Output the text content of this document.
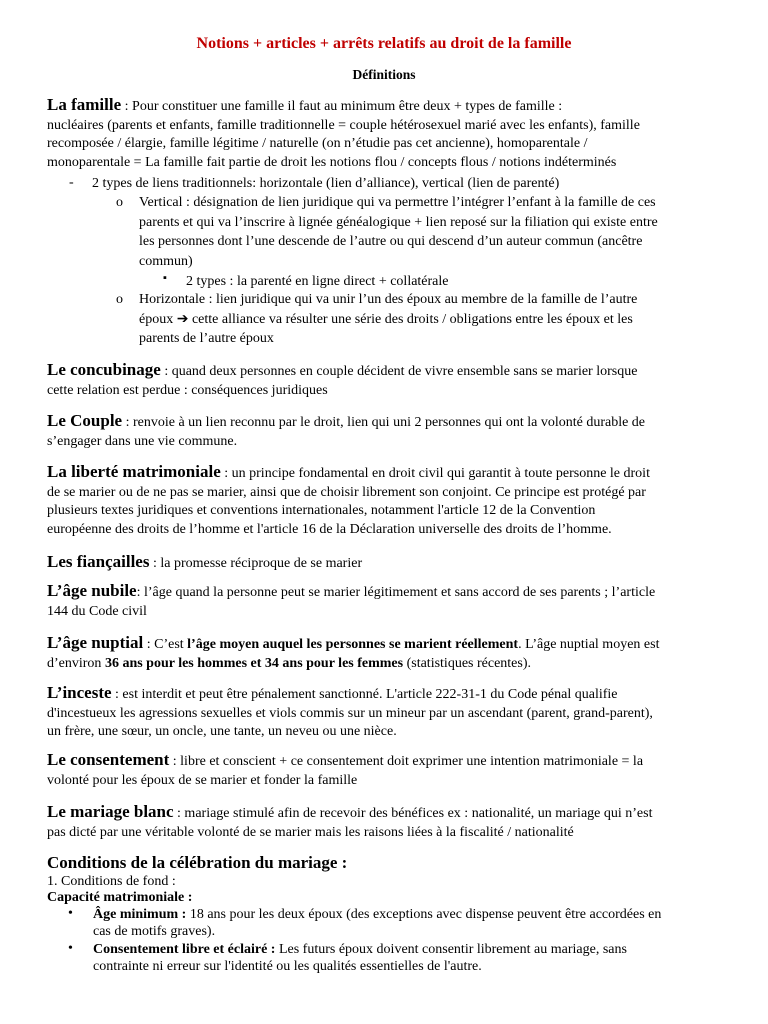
Notions + articles + arrêts relatifs au droit de la famille
Définitions
La famille : Pour constituer une famille il faut au minimum être deux + types de famille :
nucléaires (parents et enfants, famille traditionnelle = couple hétérosexuel marié avec les enfants), famille
recomposée / élargie, famille légitime / naturelle (on n’étudie pas cet ancienne), homoparentale /
monoparentale = La famille fait partie de droit les notions flou / concepts flous / notions indéterminés
- 2 types de liens traditionnels: horizontale (lien d’alliance), vertical (lien de parenté)
o Vertical : désignation de lien juridique qui va permettre l’intégrer l’enfant à la famille de ces
parents et qui va l’inscrire à lignée généalogique + lien reposé sur la filiation qui existe entre
les personnes dont l’une descende de l’autre ou qui descend d’un auteur commun (ancêtre
commun)
▪ 2 types : la parenté en ligne direct + collatérale
o Horizontale : lien juridique qui va unir l’un des époux au membre de la famille de l’autre
époux ➔ cette alliance va résulter une série des droits / obligations entre les époux et les
parents de l’autre époux
Le concubinage : quand deux personnes en couple décident de vivre ensemble sans se marier lorsque
cette relation est perdue : conséquences juridiques
Le Couple : renvoie à un lien reconnu par le droit, lien qui uni 2 personnes qui ont la volonté durable de
s’engager dans une vie commune.
La liberté matrimoniale : un principe fondamental en droit civil qui garantit à toute personne le droit
de se marier ou de ne pas se marier, ainsi que de choisir librement son conjoint. Ce principe est protégé par
plusieurs textes juridiques et conventions internationales, notamment l'article 12 de la Convention
européenne des droits de l’homme et l'article 16 de la Déclaration universelle des droits de l’homme.
Les fiançailles : la promesse réciproque de se marier
L’âge nubile: l’âge quand la personne peut se marier légitimement et sans accord de ses parents ; l’article
144 du Code civil
L’âge nuptial : C’est l’âge moyen auquel les personnes se marient réellement. L’âge nuptial moyen est
d’environ 36 ans pour les hommes et 34 ans pour les femmes (statistiques récentes).
L’inceste : est interdit et peut être pénalement sanctionné. L'article 222-31-1 du Code pénal qualifie
d'incestueux les agressions sexuelles et viols commis sur un mineur par un ascendant (parent, grand-parent),
un frère, une sœur, un oncle, une tante, un neveu ou une nièce.
Le consentement : libre et conscient + ce consentement doit exprimer une intention matrimoniale = la
volonté pour les époux de se marier et fonder la famille
Le mariage blanc : mariage stimulé afin de recevoir des bénéfices ex : nationalité, un mariage qui n’est
pas dicté par une véritable volonté de se marier mais les raisons liées à la fiscalité / nationalité
Conditions de la célébration du mariage :
1. Conditions de fond :
Capacité matrimoniale :
• Âge minimum : 18 ans pour les deux époux (des exceptions avec dispense peuvent être accordées en
cas de motifs graves).
• Consentement libre et éclairé : Les futurs époux doivent consentir librement au mariage, sans
contrainte ni erreur sur l'identité ou les qualités essentielles de l'autre.
